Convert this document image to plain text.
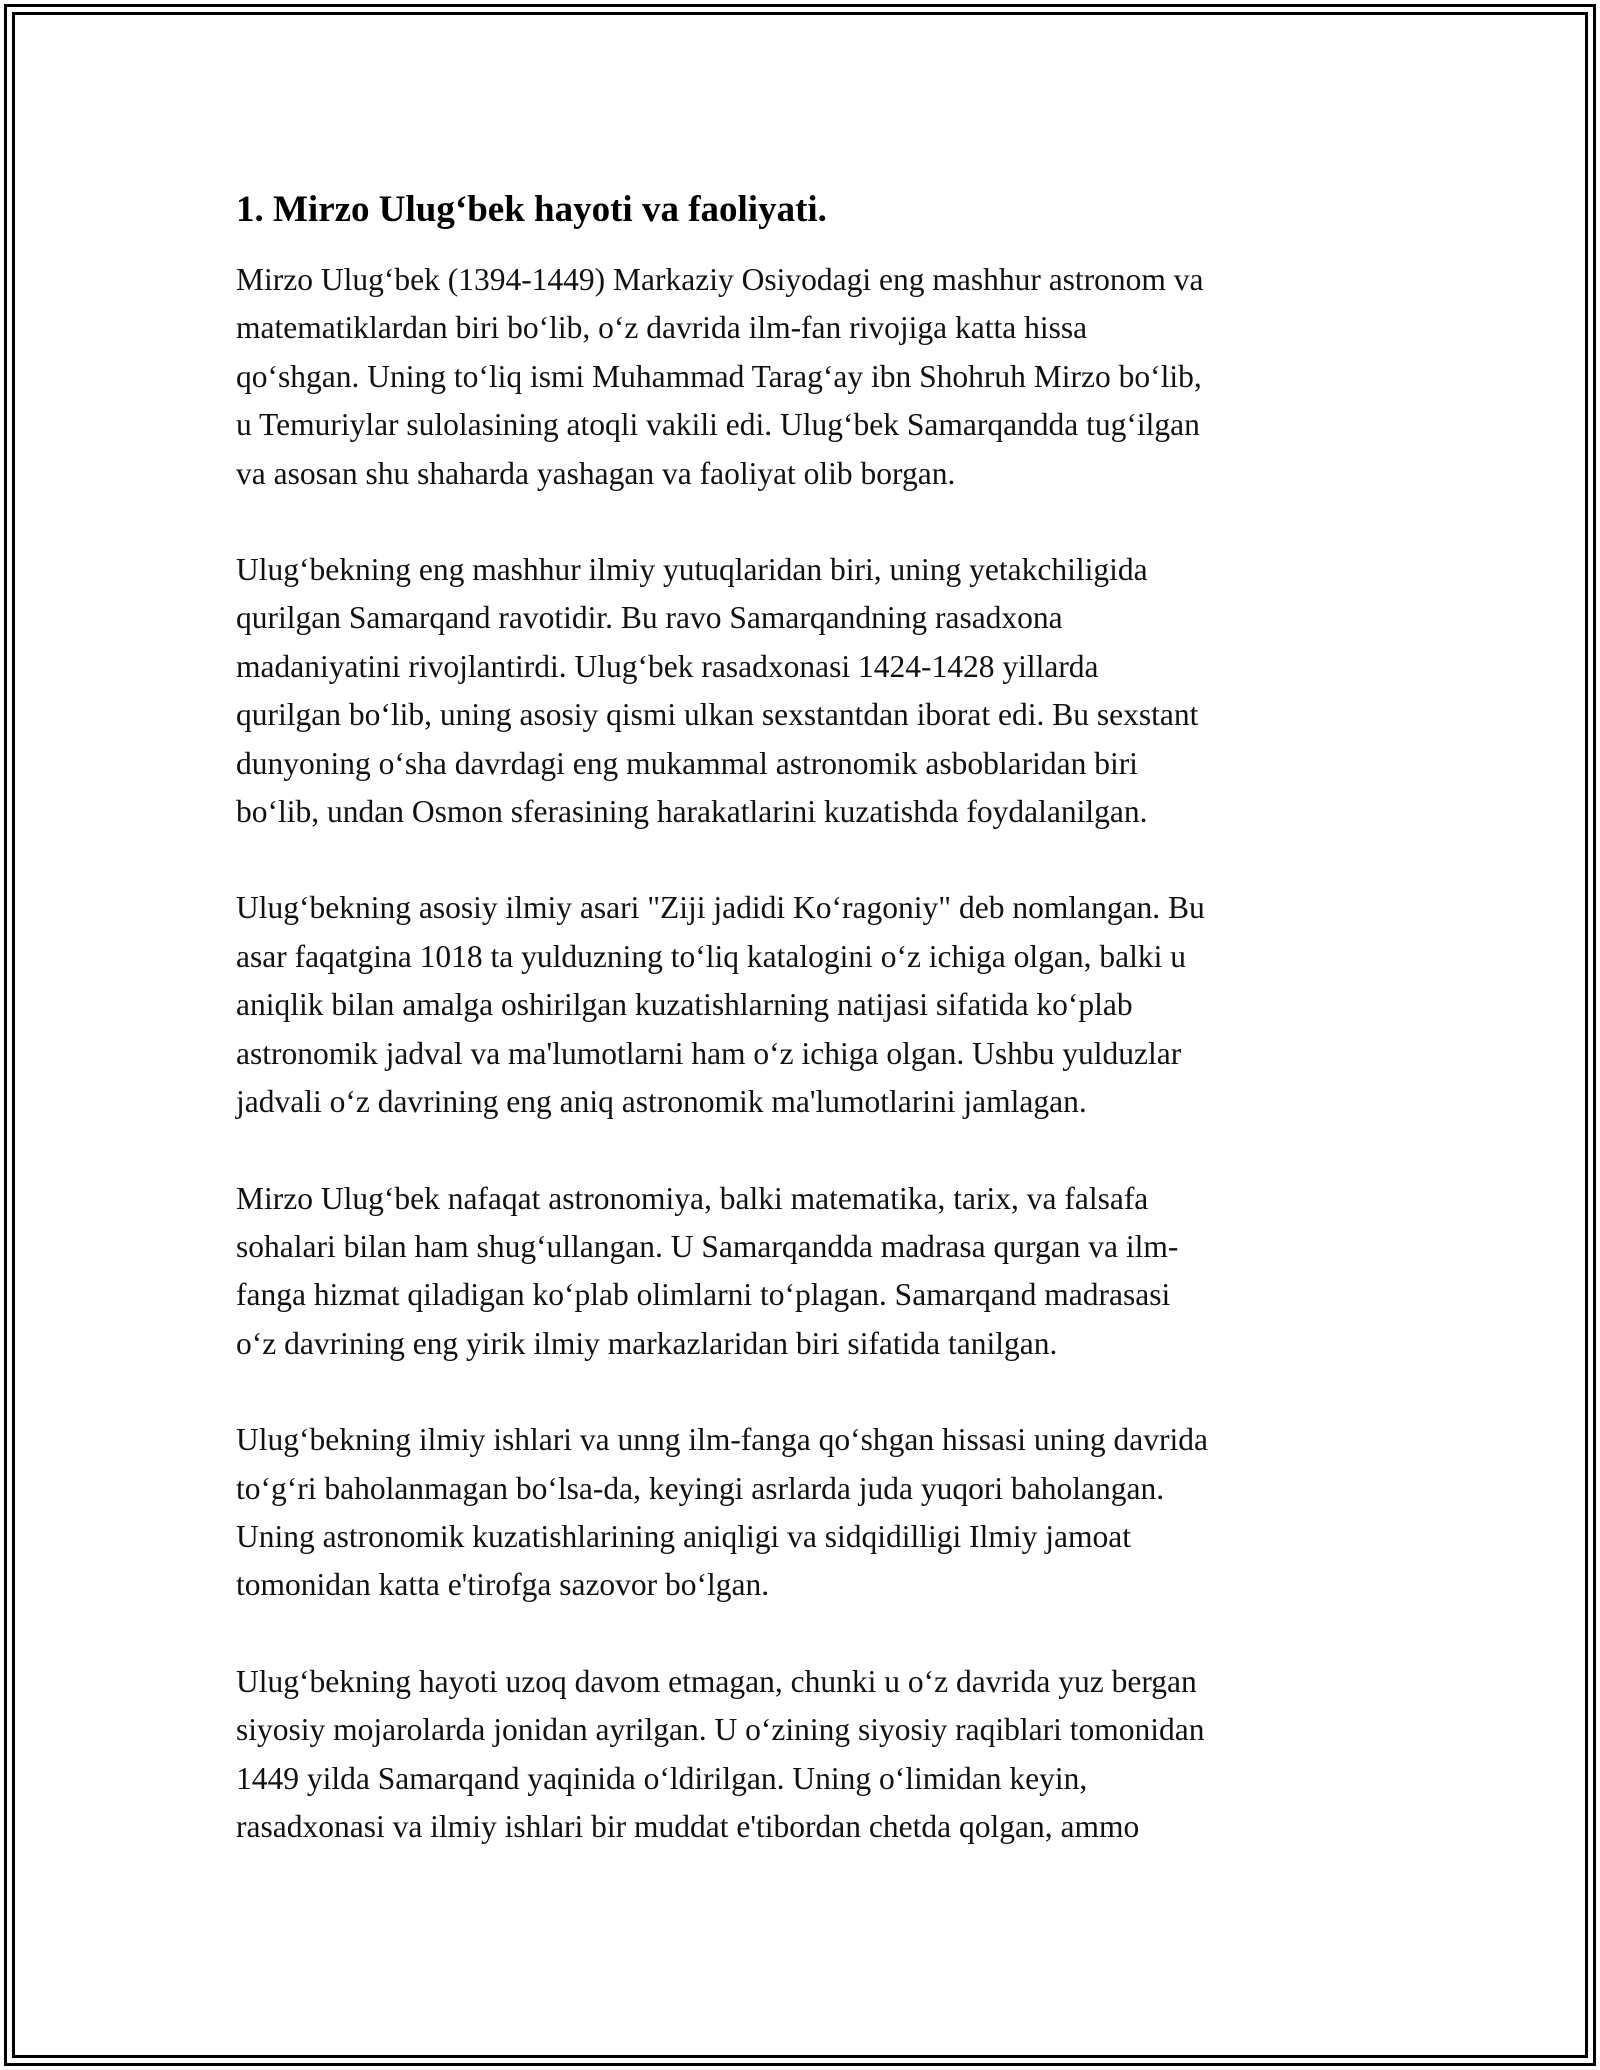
1. Mirzo Ulug‘bek hayoti va faoliyati.
Mirzo Ulug‘bek (1394-1449) Markaziy Osiyodagi eng mashhur astronom va
matematiklardan biri bo‘lib, o‘z davrida ilm-fan rivojiga katta hissa
qo‘shgan. Uning to‘liq ismi Muhammad Tarag‘ay ibn Shohruh Mirzo bo‘lib,
u Temuriylar sulolasining atoqli vakili edi. Ulug‘bek Samarqandda tug‘ilgan
va asosan shu shaharda yashagan va faoliyat olib borgan.
Ulug‘bekning eng mashhur ilmiy yutuqlaridan biri, uning yetakchiligida
qurilgan Samarqand ravotidir. Bu ravo Samarqandning rasadxona
madaniyatini rivojlantirdi. Ulug‘bek rasadxonasi 1424-1428 yillarda
qurilgan bo‘lib, uning asosiy qismi ulkan sexstantdan iborat edi. Bu sexstant
dunyoning o‘sha davrdagi eng mukammal astronomik asboblaridan biri
bo‘lib, undan Osmon sferasining harakatlarini kuzatishda foydalanilgan.
Ulug‘bekning asosiy ilmiy asari "Ziji jadidi Ko‘ragoniy" deb nomlangan. Bu
asar faqatgina 1018 ta yulduzning to‘liq katalogini o‘z ichiga olgan, balki u
aniqlik bilan amalga oshirilgan kuzatishlarning natijasi sifatida ko‘plab
astronomik jadval va ma'lumotlarni ham o‘z ichiga olgan. Ushbu yulduzlar
jadvali o‘z davrining eng aniq astronomik ma'lumotlarini jamlagan.
Mirzo Ulug‘bek nafaqat astronomiya, balki matematika, tarix, va falsafa
sohalari bilan ham shug‘ullangan. U Samarqandda madrasa qurgan va ilm-
fanga hizmat qiladigan ko‘plab olimlarni to‘plagan. Samarqand madrasasi
o‘z davrining eng yirik ilmiy markazlaridan biri sifatida tanilgan.
Ulug‘bekning ilmiy ishlari va unng ilm-fanga qo‘shgan hissasi uning davrida
to‘g‘ri baholanmagan bo‘lsa-da, keyingi asrlarda juda yuqori baholangan.
Uning astronomik kuzatishlarining aniqligi va sidqidilligi Ilmiy jamoat
tomonidan katta e'tirofga sazovor bo‘lgan.
Ulug‘bekning hayoti uzoq davom etmagan, chunki u o‘z davrida yuz bergan
siyosiy mojarolarda jonidan ayrilgan. U o‘zining siyosiy raqiblari tomonidan
1449 yilda Samarqand yaqinida o‘ldirilgan. Uning o‘limidan keyin,
rasadxonasi va ilmiy ishlari bir muddat e'tibordan chetda qolgan, ammo
